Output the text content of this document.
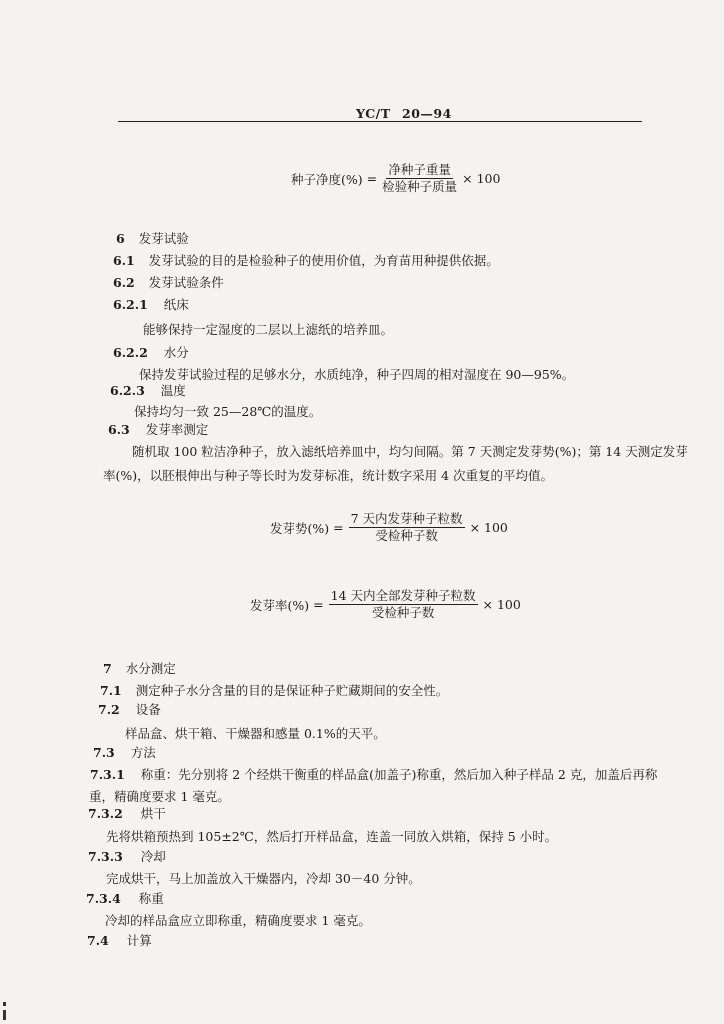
YC/T 20—94
种子净度(%) = $\frac{\text{净种子重量}}{\text{检验种子质量}} \times 100$
6 发芽试验
6.1 发芽试验的目的是检验种子的使用价值，为育苗用种提供依据。
6.2 发芽试验条件
6.2.1 纸床
能够保持一定湿度的二层以上滤纸的培养皿。
6.2.2 水分
保持发芽试验过程的足够水分，水质纯净，种子四周的相对湿度在 90—95%。
6.2.3 温度
保持均匀一致 25—28℃的温度。
6.3 发芽率测定
随机取 100 粒洁净种子，放入滤纸培养皿中，均匀间隔。第 7 天测定发芽势(%)；第 14 天测定发芽
率(%)，以胚根伸出与种子等长时为发芽标准，统计数字采用 4 次重复的平均值。
发芽势(%) = $\frac{\text{7 天内发芽种子粒数}}{\text{受检种子数}} \times 100$
发芽率(%) = $\frac{\text{14 天内全部发芽种子粒数}}{\text{受检种子数}} \times 100$
7 水分测定
7.1 测定种子水分含量的目的是保证种子贮藏期间的安全性。
7.2 设备
样品盒、烘干箱、干燥器和感量 0.1%的天平。
7.3 方法
7.3.1 称重：先分别将 2 个经烘干衡重的样品盒(加盖子)称重，然后加入种子样品 2 克，加盖后再称
重，精确度要求 1 毫克。
7.3.2 烘干
先将烘箱预热到 105±2℃，然后打开样品盒，连盖一同放入烘箱，保持 5 小时。
7.3.3 冷却
完成烘干，马上加盖放入干燥器内，冷却 30－40 分钟。
7.3.4 称重
冷却的样品盒应立即称重，精确度要求 1 毫克。
7.4 计算
